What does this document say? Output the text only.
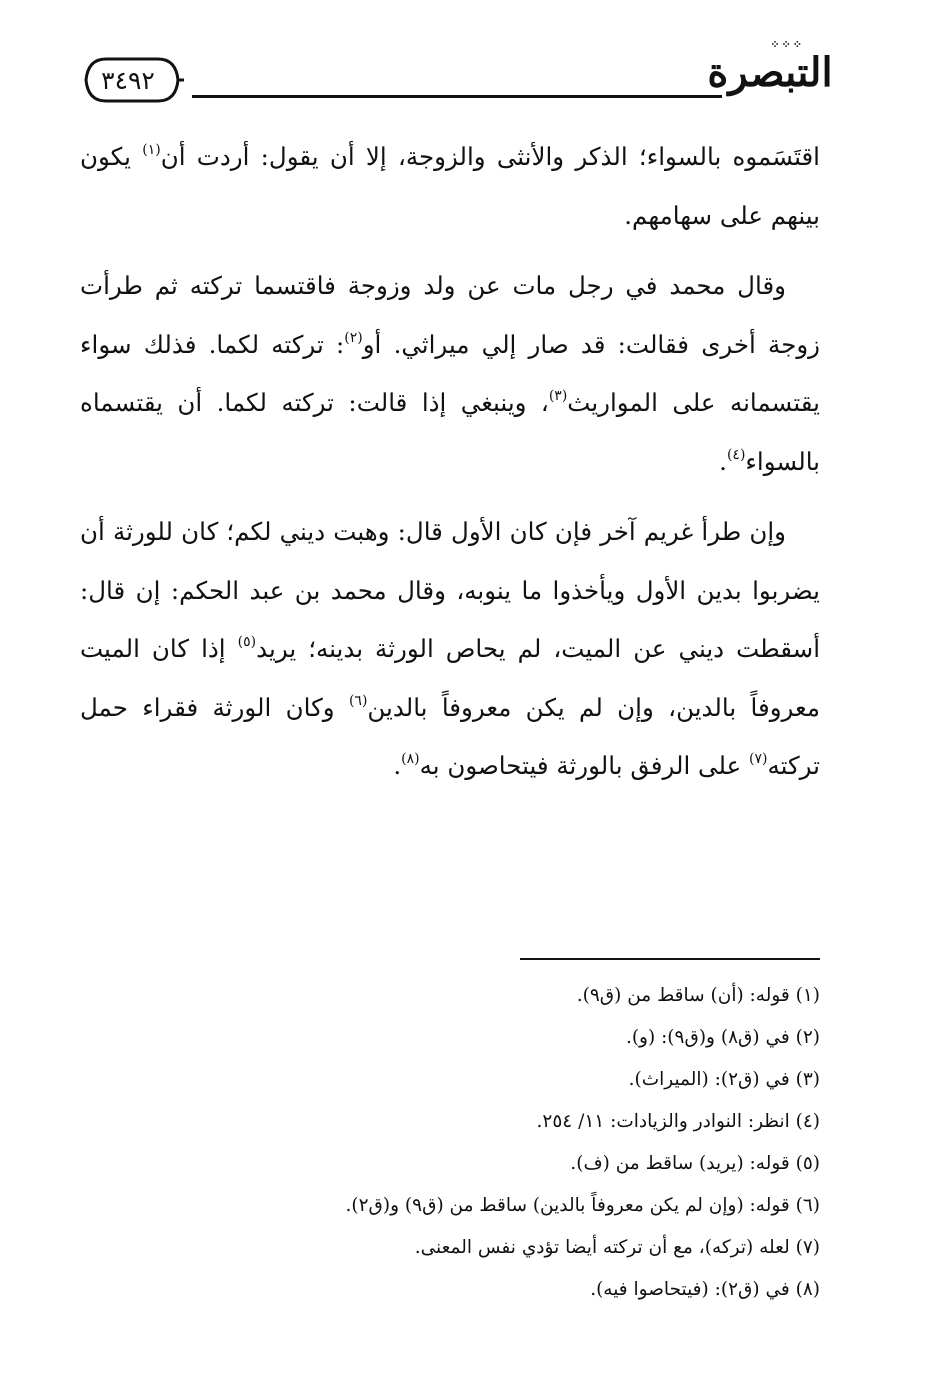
٣٤٩٢
⁘⁘⁘
التبصرة

اقتَسَموه بالسواء؛ الذكر والأنثى والزوجة، إلا أن يقول: أردت أن$^{(١)}$ يكون بينهم على سهامهم.

وقال محمد في رجل مات عن ولد وزوجة فاقتسما تركته ثم طرأت زوجة أخرى فقالت: قد صار إلي ميراثي. أو$^{(٢)}$: تركته لكما. فذلك سواء يقتسمانه على المواريث$^{(٣)}$، وينبغي إذا قالت: تركته لكما. أن يقتسماه بالسواء$^{(٤)}$.

وإن طرأ غريم آخر فإن كان الأول قال: وهبت ديني لكم؛ كان للورثة أن يضربوا بدين الأول ويأخذوا ما ينوبه، وقال محمد بن عبد الحكم: إن قال: أسقطت ديني عن الميت، لم يحاص الورثة بدينه؛ يريد$^{(٥)}$ إذا كان الميت معروفاً بالدين، وإن لم يكن معروفاً بالدين$^{(٦)}$ وكان الورثة فقراء حمل تركته$^{(٧)}$ على الرفق بالورثة فيتحاصون به$^{(٨)}$.

(١) قوله: (أن) ساقط من (ق٩).
(٢) في (ق٨) و(ق٩): (و).
(٣) في (ق٢): (الميراث).
(٤) انظر: النوادر والزيادات: ١١/ ٢٥٤.
(٥) قوله: (يريد) ساقط من (ف).
(٦) قوله: (وإن لم يكن معروفاً بالدين) ساقط من (ق٩) و(ق٢).
(٧) لعله (تركه)، مع أن تركته أيضا تؤدي نفس المعنى.
(٨) في (ق٢): (فيتحاصوا فيه).
